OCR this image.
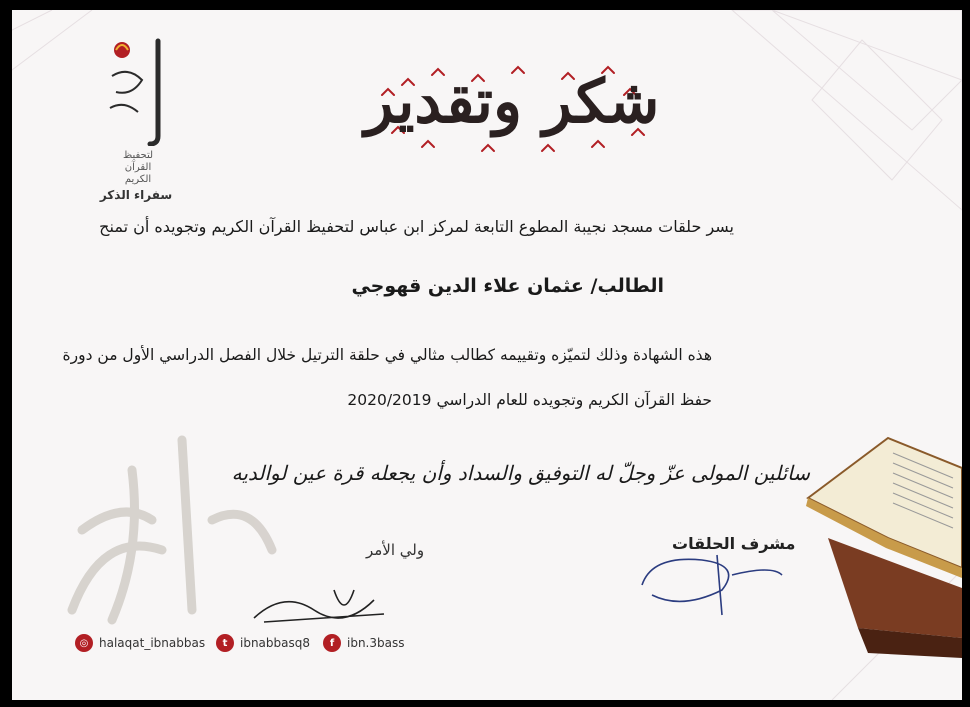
لتحفيظ
القرآن
الكريم
سفراء الذكر
شكر وتقدير
يسر حلقات مسجد نجيبة المطوع التابعة لمركز ابن عباس لتحفيظ القرآن الكريم وتجويده أن تمنح
الطالب/ عثمان علاء الدين قهوجي
هذه الشهادة وذلك لتميّزه وتقييمه كطالب مثالي في حلقة الترتيل خلال الفصل الدراسي الأول من دورة
حفظ القرآن الكريم وتجويده للعام الدراسي 2020/2019
سائلين المولى عزّ وجلّ له التوفيق والسداد وأن يجعله قرة عين لوالديه
ولي الأمر	مشرف الحلقات
◎ halaqat_ibnabbas	t	ibnabbasq8	f	ibn.3bass
